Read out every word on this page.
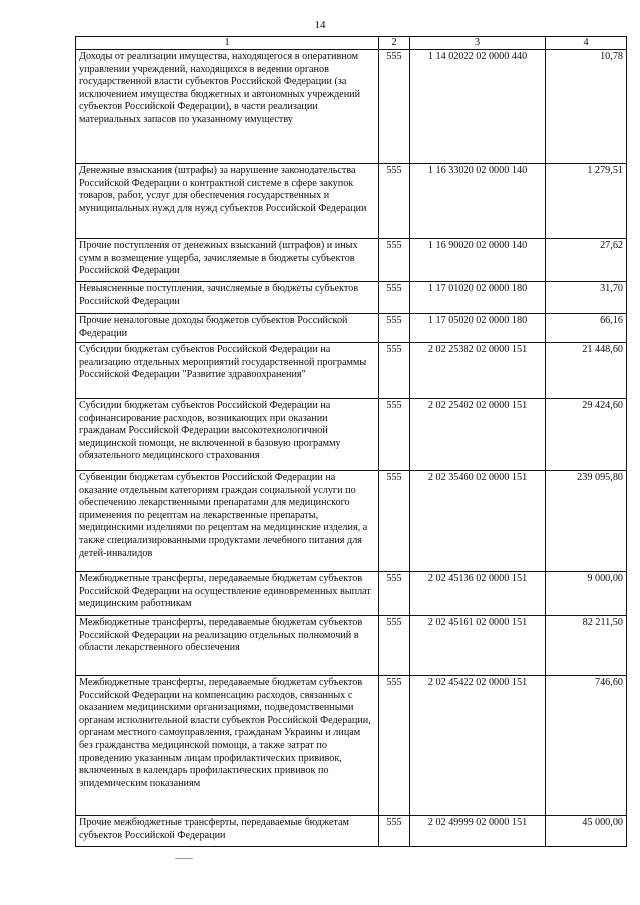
14
1	2	3	4
Доходы от реализации имущества, находящегося в оперативном управлении учреждений, находящихся в ведении органов государственной власти субъектов Российской Федерации (за исключением имущества бюджетных и автономных учреждений субъектов Российской Федерации), в части реализации материальных запасов по указанному имуществу	555	1 14 02022 02 0000 440	10,78
Денежные взыскания (штрафы) за нарушение законодательства Российской Федерации о контрактной системе в сфере закупок товаров, работ, услуг для обеспечения государственных и муниципальных нужд для нужд субъектов Российской Федерации	555	1 16 33020 02 0000 140	1 279,51
Прочие поступления от денежных взысканий (штрафов) и иных сумм в возмещение ущерба, зачисляемые в бюджеты субъектов Российской Федерации	555	1 16 90020 02 0000 140	27,62
Невыясненные поступления, зачисляемые в бюджеты субъектов Российской Федерации	555	1 17 01020 02 0000 180	31,70
Прочие неналоговые доходы бюджетов субъектов Российской Федерации	555	1 17 05020 02 0000 180	66,16
Субсидии бюджетам субъектов Российской Федерации на реализацию отдельных мероприятий государственной программы Российской Федерации "Развитие здравоохранения"	555	2 02 25382 02 0000 151	21 448,60
Субсидии бюджетам субъектов Российской Федерации на софинансирование расходов, возникающих при оказании гражданам Российской Федерации высокотехнологичной медицинской помощи, не включенной в базовую программу обязательного медицинского страхования	555	2 02 25402 02 0000 151	29 424,60
Субвенции бюджетам субъектов Российской Федерации на оказание отдельным категориям граждан социальной услуги по обеспечению лекарственными препаратами для медицинского применения по рецептам на лекарственные препараты, медицинскими изделиями по рецептам на медицинские изделия, а также специализированными продуктами лечебного питания для детей-инвалидов	555	2 02 35460 02 0000 151	239 095,80
Межбюджетные трансферты, передаваемые бюджетам субъектов Российской Федерации на осуществление единовременных выплат медицинским работникам	555	2 02 45136 02 0000 151	9 000,00
Межбюджетные трансферты, передаваемые бюджетам субъектов Российской Федерации на реализацию отдельных полномочий в области лекарственного обеспечения	555	2 02 45161 02 0000 151	82 211,50
Межбюджетные трансферты, передаваемые бюджетам субъектов Российской Федерации на компенсацию расходов, связанных с оказанием медицинскими организациями, подведомственными органам исполнительной власти субъектов Российской Федерации, органам местного самоуправления, гражданам Украины и лицам без гражданства медицинской помощи, а также затрат по проведению указанным лицам профилактических прививок, включенных в календарь профилактических прививок по эпидемическим показаниям	555	2 02 45422 02 0000 151	746,60
Прочие межбюджетные трансферты, передаваемые бюджетам субъектов Российской Федерации	555	2 02 49999 02 0000 151	45 000,00
